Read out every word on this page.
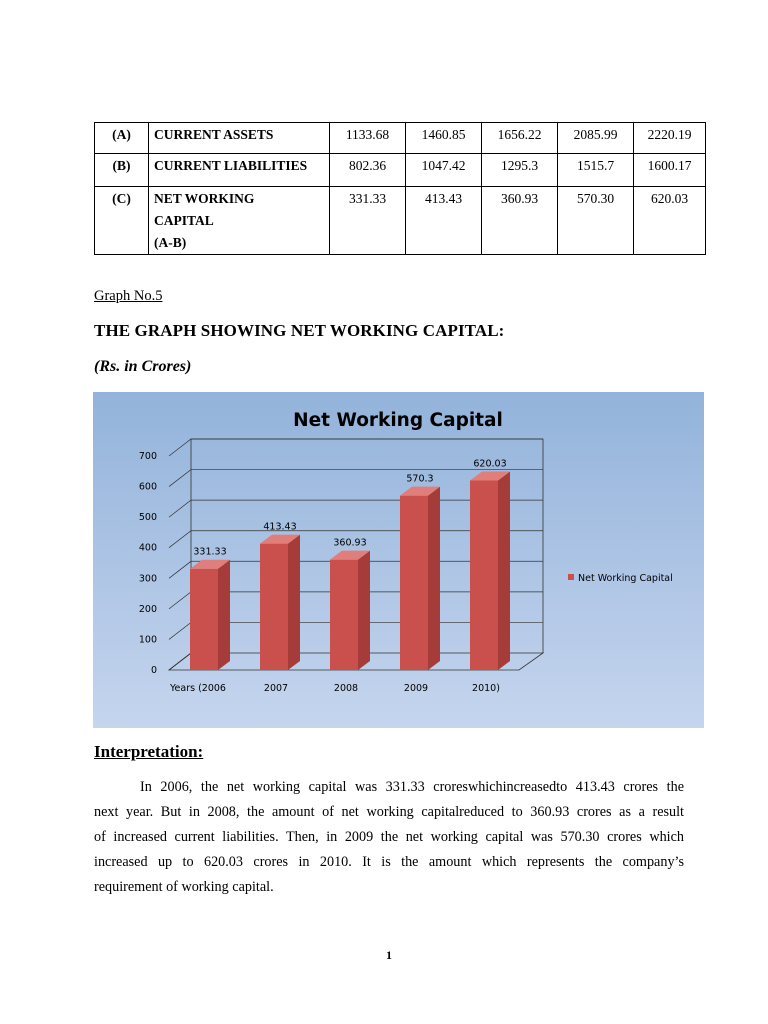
(A)	CURRENT ASSETS	1133.68	1460.85	1656.22	2085.99	2220.19
(B)	CURRENT LIABILITIES	802.36	1047.42	1295.3	1515.7	1600.17
(C)	NET WORKING
CAPITAL
(A-B)	331.33	413.43	360.93	570.30	620.03

Graph No.5

THE GRAPH SHOWING NET WORKING CAPITAL:

(Rs. in Crores)

Net Working Capital
0
100
200
300
400
500
600
700
331.33
413.43
360.93
570.3
620.03
Years (2006	2007	2008	2009	2010)
Net Working Capital
Interpretation:

In 2006, the net working capital was 331.33 croreswhichincreasedto 413.43 crores the
next year. But in 2008, the amount of net working capitalreduced to 360.93 crores as a result
of increased current liabilities. Then, in 2009 the net working capital was 570.30 crores which
increased up to 620.03 crores in 2010. It is the amount which represents the company’s
requirement of working capital.

1
